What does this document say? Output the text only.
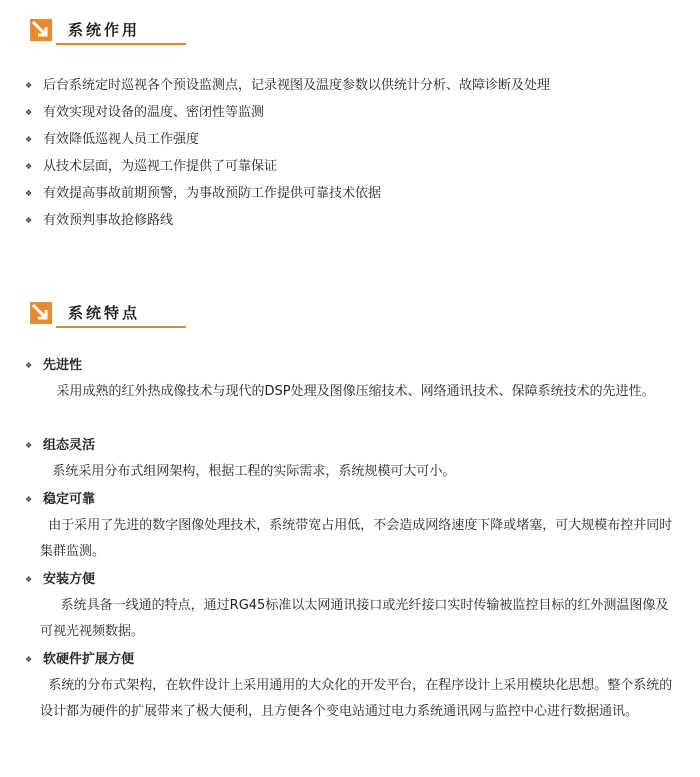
系统作用
❖ 后台系统定时巡视各个预设监测点，记录视图及温度参数以供统计分析、故障诊断及处理
❖ 有效实现对设备的温度、密闭性等监测
❖ 有效降低巡视人员工作强度
❖ 从技术层面，为巡视工作提供了可靠保证
❖ 有效提高事故前期预警，为事故预防工作提供可靠技术依据
❖ 有效预判事故抢修路线
系统特点
❖ 先进性
采用成熟的红外热成像技术与现代的DSP处理及图像压缩技术、网络通讯技术、保障系统技术的先进性。
❖ 组态灵活
系统采用分布式组网架构，根据工程的实际需求，系统规模可大可小。
❖ 稳定可靠
由于采用了先进的数字图像处理技术，系统带宽占用低，不会造成网络速度下降或堵塞，可大规模布控并同时集群监测。
❖ 安装方便
系统具备一线通的特点，通过RG45标准以太网通讯接口或光纤接口实时传输被监控目标的红外测温图像及可视光视频数据。
❖ 软硬件扩展方便
系统的分布式架构，在软件设计上采用通用的大众化的开发平台，在程序设计上采用模块化思想。整个系统的设计都为硬件的扩展带来了极大便利，且方便各个变电站通过电力系统通讯网与监控中心进行数据通讯。
